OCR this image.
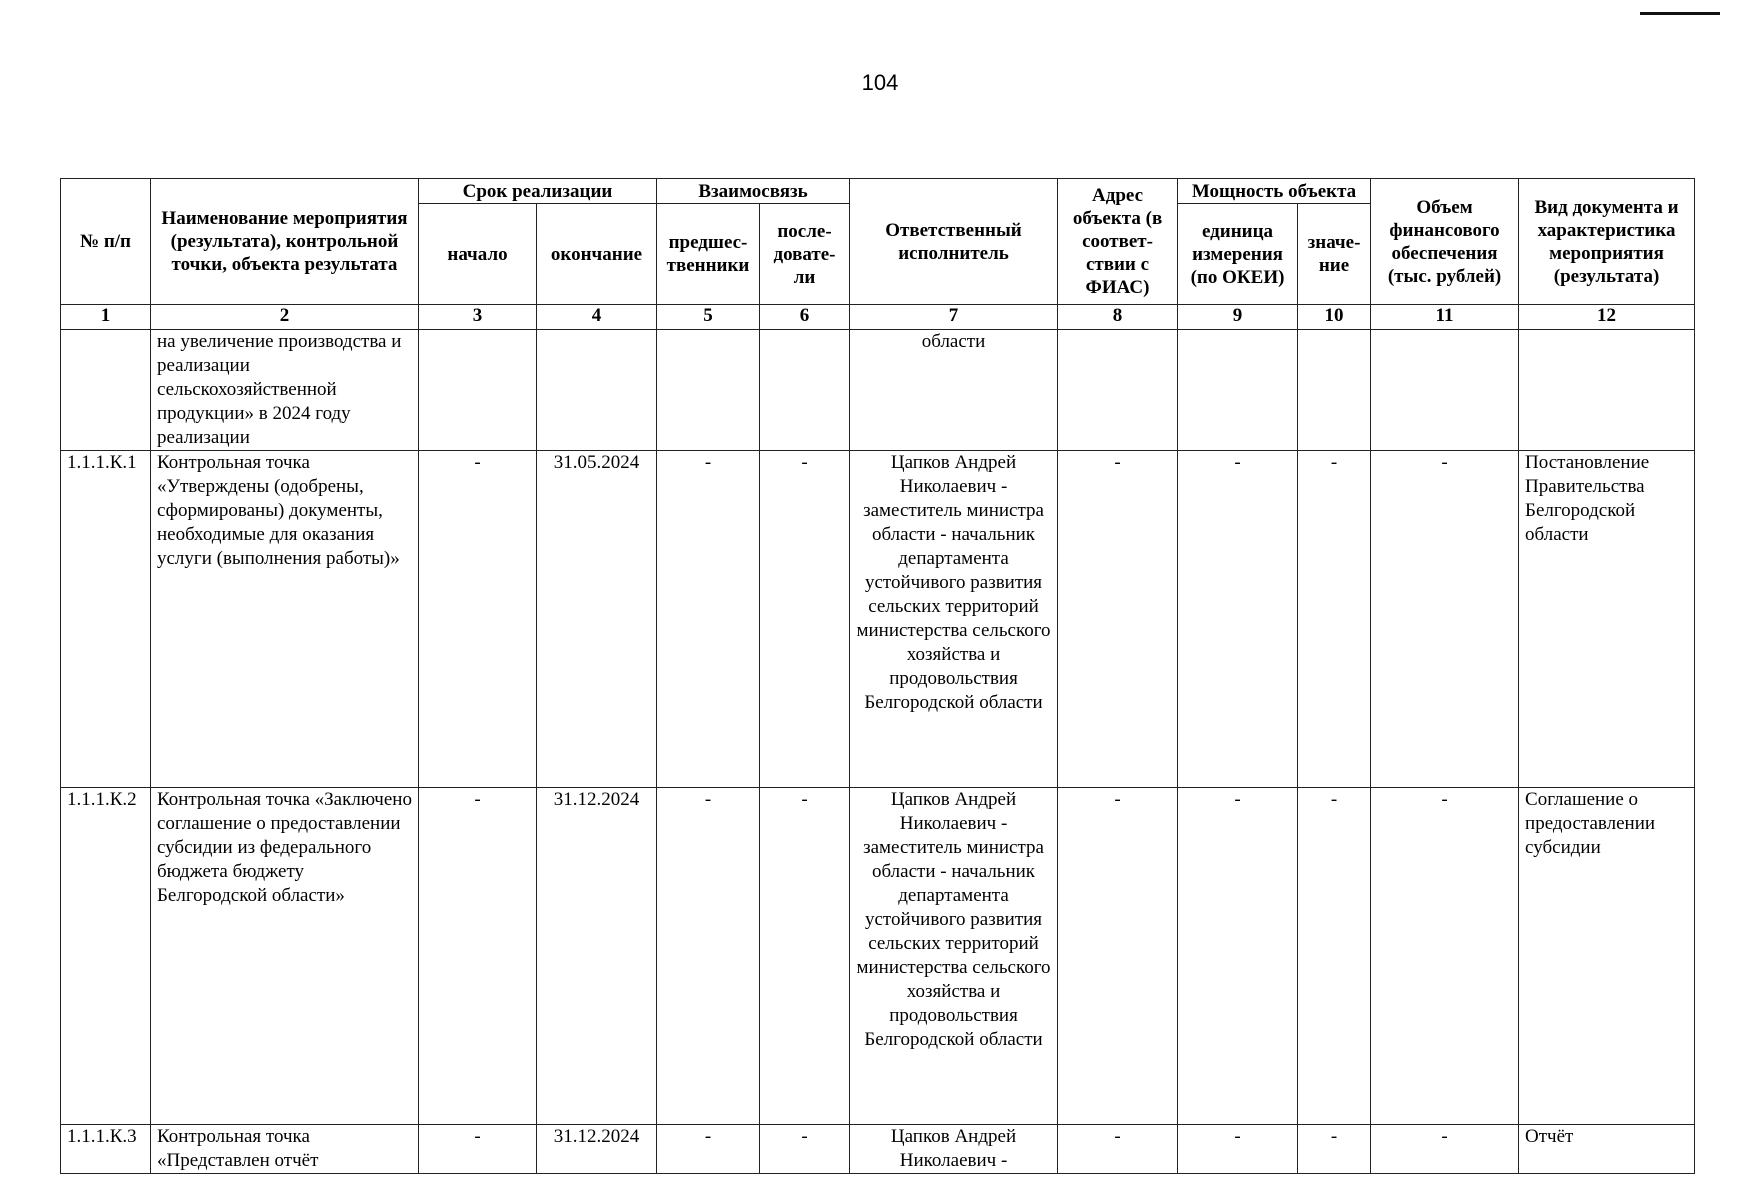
104
№ п/п	Наименование мероприятия (результата), контрольной точки, объекта результата	Срок реализации		Взаимосвязь		Ответственный исполнитель	Адрес объекта (в соответ-ствии с ФИАС)	Мощность объекта		Объем финансового обеспечения (тыс. рублей)	Вид документа и характеристика мероприятия (результата)
		начало	окончание	предшес-твенники	после-довате-ли			единица измерения (по ОКЕИ)	значе-ние		
1	2	3	4	5	6	7	8	9	10	11	12
	на увеличение производства и реализации сельскохозяйственной продукции» в 2024 году реализации					области					
1.1.1.К.1	Контрольная точка «Утверждены (одобрены, сформированы) документы, необходимые для оказания услуги (выполнения работы)»	-	31.05.2024	-	-	Цапков Андрей Николаевич - заместитель министра области - начальник департамента устойчивого развития сельских территорий министерства сельского хозяйства и продовольствия Белгородской области	-	-	-	-	Постановление Правительства Белгородской области
1.1.1.К.2	Контрольная точка «Заключено соглашение о предоставлении субсидии из федерального бюджета бюджету Белгородской области»	-	31.12.2024	-	-	Цапков Андрей Николаевич - заместитель министра области - начальник департамента устойчивого развития сельских территорий министерства сельского хозяйства и продовольствия Белгородской области	-	-	-	-	Соглашение о предоставлении субсидии
1.1.1.К.3	Контрольная точка «Представлен отчёт	-	31.12.2024	-	-	Цапков Андрей Николаевич -	-	-	-	-	Отчёт
